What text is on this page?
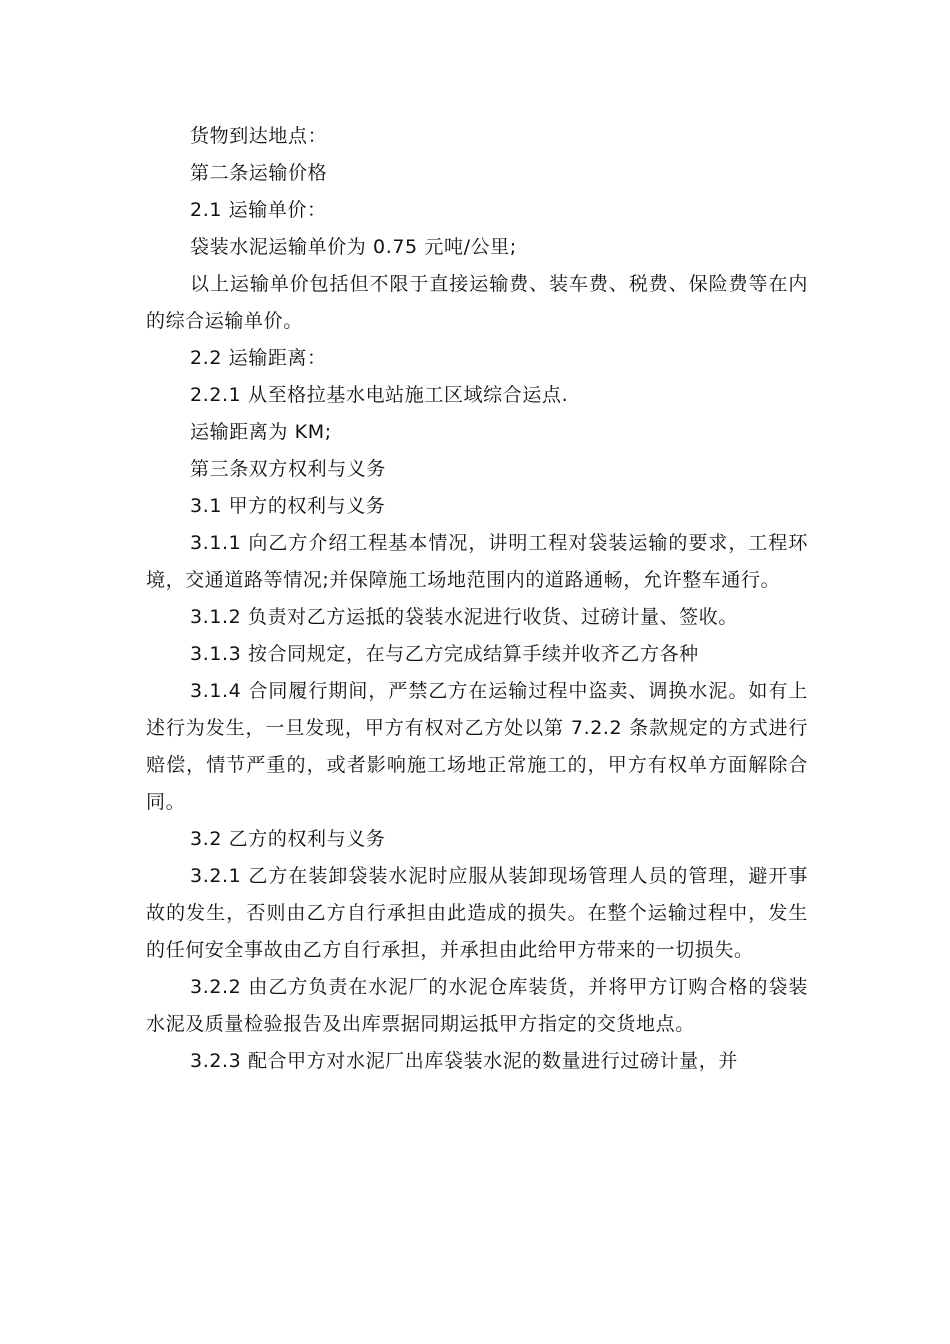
货物到达地点：

第二条运输价格

2.1 运输单价：

袋装水泥运输单价为 0.75 元吨/公里;

以上运输单价包括但不限于直接运输费、装车费、税费、保险费等在内的综合运输单价。

2.2 运输距离：

2.2.1 从至格拉基水电站施工区域综合运点.

运输距离为 KM;

第三条双方权利与义务

3.1 甲方的权利与义务

3.1.1 向乙方介绍工程基本情况，讲明工程对袋装运输的要求，工程环境，交通道路等情况;并保障施工场地范围内的道路通畅，允许整车通行。

3.1.2 负责对乙方运抵的袋装水泥进行收货、过磅计量、签收。

3.1.3 按合同规定，在与乙方完成结算手续并收齐乙方各种

3.1.4 合同履行期间，严禁乙方在运输过程中盗卖、调换水泥。如有上述行为发生，一旦发现，甲方有权对乙方处以第 7.2.2 条款规定的方式进行赔偿，情节严重的，或者影响施工场地正常施工的，甲方有权单方面解除合同。

3.2 乙方的权利与义务

3.2.1 乙方在装卸袋装水泥时应服从装卸现场管理人员的管理，避开事故的发生，否则由乙方自行承担由此造成的损失。在整个运输过程中，发生的任何安全事故由乙方自行承担，并承担由此给甲方带来的一切损失。

3.2.2 由乙方负责在水泥厂的水泥仓库装货，并将甲方订购合格的袋装水泥及质量检验报告及出库票据同期运抵甲方指定的交货地点。

3.2.3 配合甲方对水泥厂出库袋装水泥的数量进行过磅计量，并
